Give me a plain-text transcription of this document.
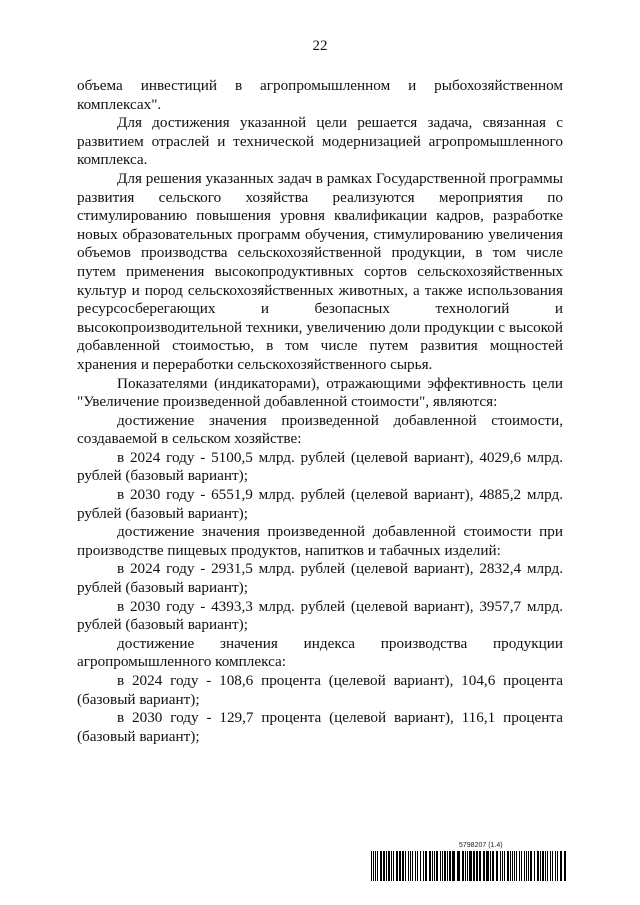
22

объема инвестиций в агропромышленном и рыбохозяйственном комплексах".

Для достижения указанной цели решается задача, связанная с развитием отраслей и технической модернизацией агропромышленного комплекса.

Для решения указанных задач в рамках Государственной программы развития сельского хозяйства реализуются мероприятия по стимулированию повышения уровня квалификации кадров, разработке новых образовательных программ обучения, стимулированию увеличения объемов производства сельскохозяйственной продукции, в том числе путем применения высокопродуктивных сортов сельскохозяйственных культур и пород сельскохозяйственных животных, а также использования ресурсосберегающих и безопасных технологий и высокопроизводительной техники, увеличению доли продукции с высокой добавленной стоимостью, в том числе путем развития мощностей хранения и переработки сельскохозяйственного сырья.

Показателями (индикаторами), отражающими эффективность цели "Увеличение произведенной добавленной стоимости", являются:

достижение значения произведенной добавленной стоимости, создаваемой в сельском хозяйстве:

в 2024 году - 5100,5 млрд. рублей (целевой вариант), 4029,6 млрд. рублей (базовый вариант);

в 2030 году - 6551,9 млрд. рублей (целевой вариант), 4885,2 млрд. рублей (базовый вариант);

достижение значения произведенной добавленной стоимости при производстве пищевых продуктов, напитков и табачных изделий:

в 2024 году - 2931,5 млрд. рублей (целевой вариант), 2832,4 млрд. рублей (базовый вариант);

в 2030 году - 4393,3 млрд. рублей (целевой вариант), 3957,7 млрд. рублей (базовый вариант);

достижение значения индекса производства продукции агропромышленного комплекса:

в 2024 году - 108,6 процента (целевой вариант), 104,6 процента (базовый вариант);

в 2030 году - 129,7 процента (целевой вариант), 116,1 процента (базовый вариант);

5798207 (1.4)
